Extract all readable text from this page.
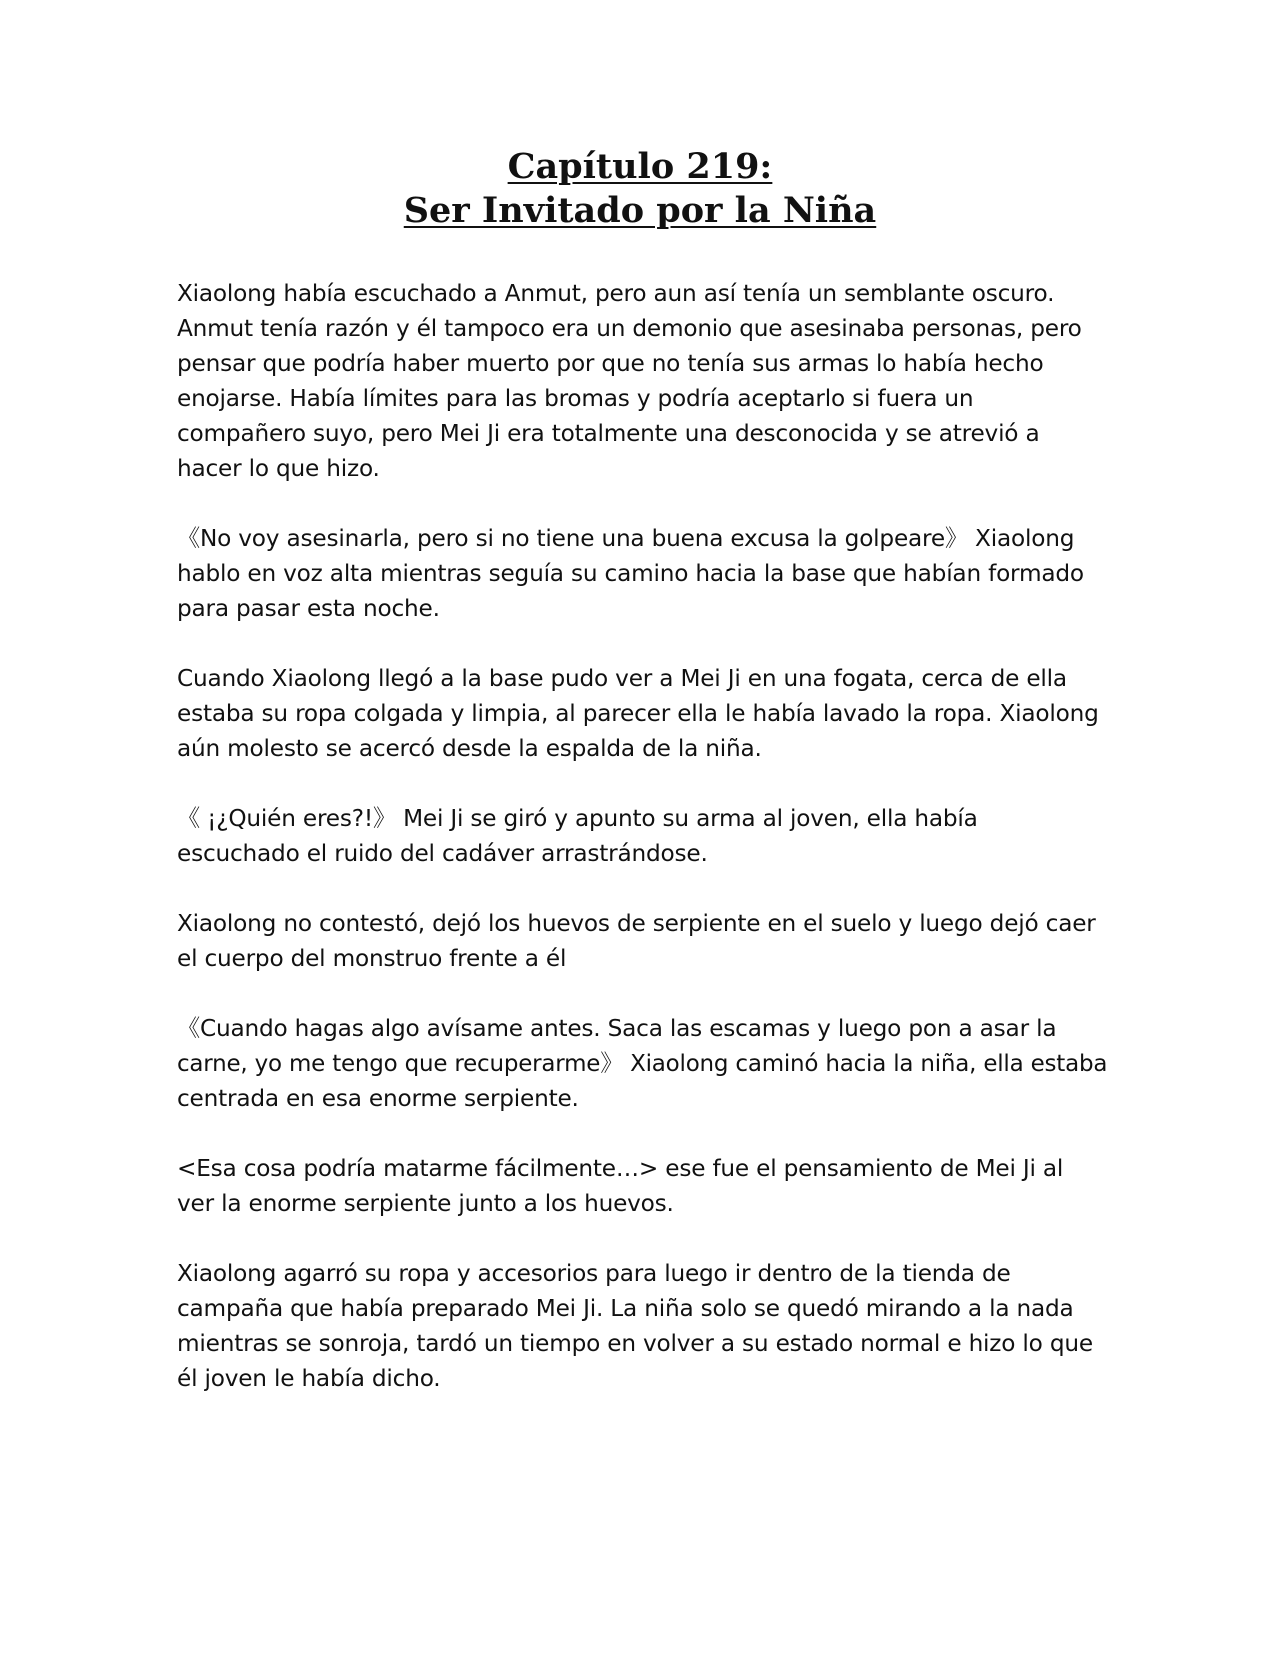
Capítulo 219:
Ser Invitado por la Niña

Xiaolong había escuchado a Anmut, pero aun así tenía un semblante oscuro.
Anmut tenía razón y él tampoco era un demonio que asesinaba personas, pero
pensar que podría haber muerto por que no tenía sus armas lo había hecho
enojarse. Había límites para las bromas y podría aceptarlo si fuera un
compañero suyo, pero Mei Ji era totalmente una desconocida y se atrevió a
hacer lo que hizo.

《No voy asesinarla, pero si no tiene una buena excusa la golpeare》 Xiaolong
hablo en voz alta mientras seguía su camino hacia la base que habían formado
para pasar esta noche.

Cuando Xiaolong llegó a la base pudo ver a Mei Ji en una fogata, cerca de ella
estaba su ropa colgada y limpia, al parecer ella le había lavado la ropa. Xiaolong
aún molesto se acercó desde la espalda de la niña.

《 ¡¿Quién eres?!》 Mei Ji se giró y apunto su arma al joven, ella había
escuchado el ruido del cadáver arrastrándose.

Xiaolong no contestó, dejó los huevos de serpiente en el suelo y luego dejó caer
el cuerpo del monstruo frente a él

《Cuando hagas algo avísame antes. Saca las escamas y luego pon a asar la
carne, yo me tengo que recuperarme》 Xiaolong caminó hacia la niña, ella estaba
centrada en esa enorme serpiente.

<Esa cosa podría matarme fácilmente…> ese fue el pensamiento de Mei Ji al
ver la enorme serpiente junto a los huevos.

Xiaolong agarró su ropa y accesorios para luego ir dentro de la tienda de
campaña que había preparado Mei Ji. La niña solo se quedó mirando a la nada
mientras se sonroja, tardó un tiempo en volver a su estado normal e hizo lo que
él joven le había dicho.
